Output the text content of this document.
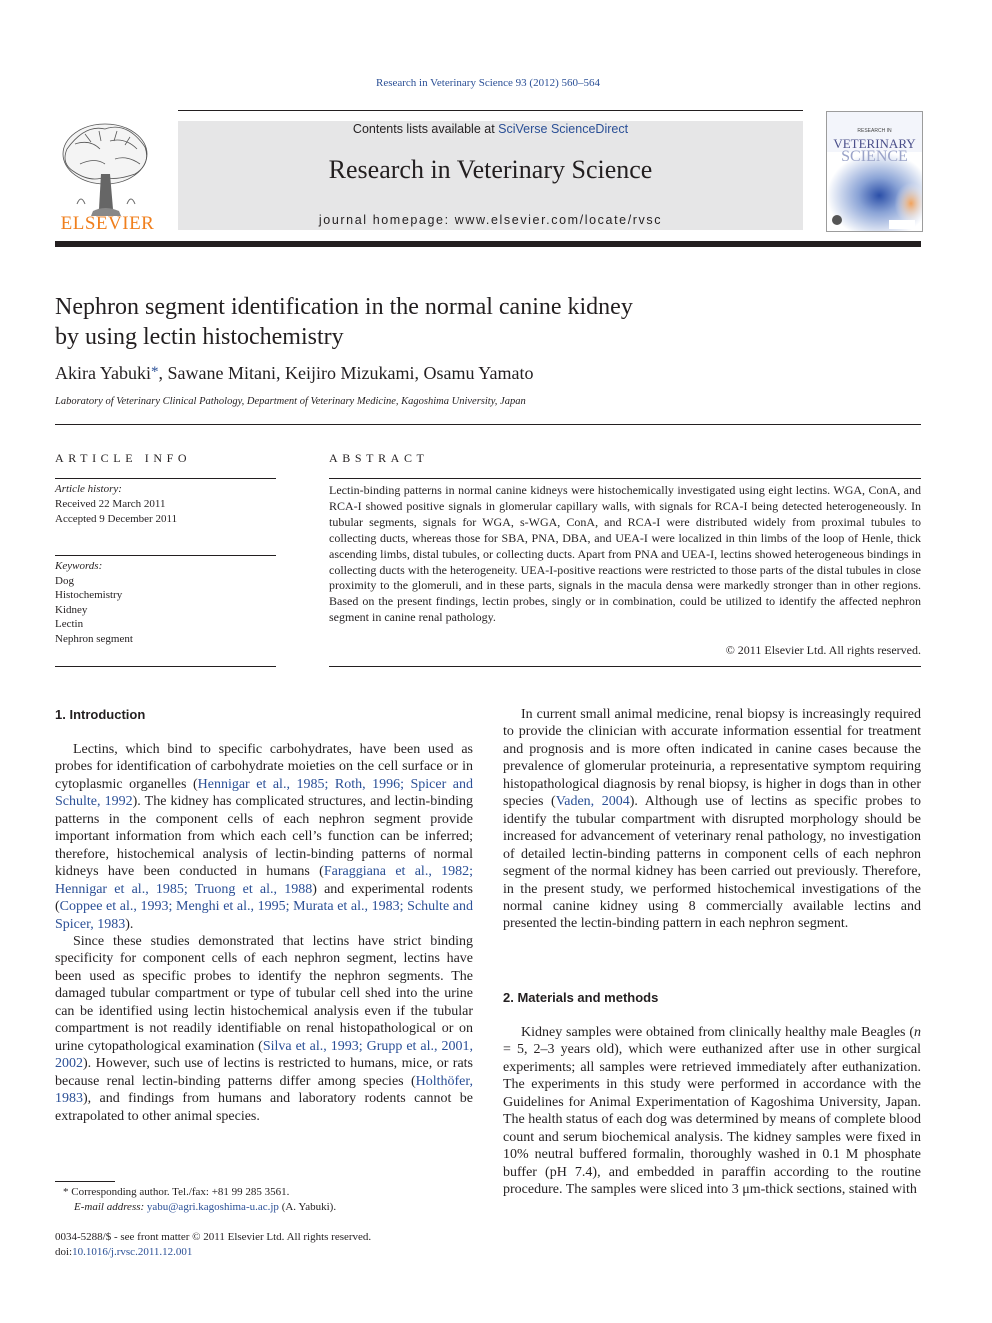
Research in Veterinary Science 93 (2012) 560–564
ELSEVIER
Contents lists available at SciVerse ScienceDirect
Research in Veterinary Science
journal homepage: www.elsevier.com/locate/rvsc
RESEARCH IN
VETERINARY
SCIENCE
Nephron segment identification in the normal canine kidney
by using lectin histochemistry
Akira Yabuki*, Sawane Mitani, Keijiro Mizukami, Osamu Yamato
Laboratory of Veterinary Clinical Pathology, Department of Veterinary Medicine, Kagoshima University, Japan
ARTICLE INFO
Article history:
Received 22 March 2011
Accepted 9 December 2011
Keywords:
Dog
Histochemistry
Kidney
Lectin
Nephron segment
ABSTRACT
Lectin-binding patterns in normal canine kidneys were histochemically investigated using eight lectins. WGA, ConA, and RCA-I showed positive signals in glomerular capillary walls, with signals for RCA-I being detected heterogeneously. In tubular segments, signals for WGA, s-WGA, ConA, and RCA-I were distributed widely from proximal tubules to collecting ducts, whereas those for SBA, PNA, DBA, and UEA-I were localized in thin limbs of the loop of Henle, thick ascending limbs, distal tubules, or collecting ducts. Apart from PNA and UEA-I, lectins showed heterogeneous bindings in collecting ducts with the heterogeneity. UEA-I-positive reactions were restricted to those parts of the distal tubules in close proximity to the glomeruli, and in these parts, signals in the macula densa were markedly stronger than in other regions. Based on the present findings, lectin probes, singly or in combination, could be utilized to identify the affected nephron segment in canine renal pathology.
© 2011 Elsevier Ltd. All rights reserved.
1. Introduction

Lectins, which bind to specific carbohydrates, have been used as probes for identification of carbohydrate moieties on the cell surface or in cytoplasmic organelles (Hennigar et al., 1985; Roth, 1996; Spicer and Schulte, 1992). The kidney has complicated structures, and lectin-binding patterns in the component cells of each nephron segment provide important information from which each cell’s function can be inferred; therefore, histochemical analysis of lectin-binding patterns of normal kidneys have been conducted in humans (Faraggiana et al., 1982; Hennigar et al., 1985; Truong et al., 1988) and experimental rodents (Coppee et al., 1993; Menghi et al., 1995; Murata et al., 1983; Schulte and Spicer, 1983).

Since these studies demonstrated that lectins have strict binding specificity for component cells of each nephron segment, lectins have been used as specific probes to identify the nephron segments. The damaged tubular compartment or type of tubular cell shed into the urine can be identified using lectin histochemical analysis even if the tubular compartment is not readily identifiable on renal histopathological or on urine cytopathological examination (Silva et al., 1993; Grupp et al., 2001, 2002). However, such use of lectins is restricted to humans, mice, or rats because renal lectin-binding patterns differ among species (Holthöfer, 1983), and findings from humans and laboratory rodents cannot be extrapolated to other animal species.

In current small animal medicine, renal biopsy is increasingly required to provide the clinician with accurate information essential for treatment and prognosis and is more often indicated in canine cases because the prevalence of glomerular proteinuria, a representative symptom requiring histopathological diagnosis by renal biopsy, is higher in dogs than in other species (Vaden, 2004). Although use of lectins as specific probes to identify the tubular compartment with disrupted morphology should be increased for advancement of veterinary renal pathology, no investigation of detailed lectin-binding patterns in component cells of each nephron segment of the normal kidney has been carried out previously. Therefore, in the present study, we performed histochemical investigations of the normal canine kidney using 8 commercially available lectins and presented the lectin-binding pattern in each nephron segment.

2. Materials and methods

Kidney samples were obtained from clinically healthy male Beagles (n = 5, 2–3 years old), which were euthanized after use in other surgical experiments; all samples were retrieved immediately after euthanization. The experiments in this study were performed in accordance with the Guidelines for Animal Experimentation of Kagoshima University, Japan. The health status of each dog was determined by means of complete blood count and serum biochemical analysis. The kidney samples were fixed in 10% neutral buffered formalin, thoroughly washed in 0.1 M phosphate buffer (pH 7.4), and embedded in paraffin according to the routine procedure. The samples were sliced into 3 μm-thick sections, stained with

* Corresponding author. Tel./fax: +81 99 285 3561.
E-mail address: yabu@agri.kagoshima-u.ac.jp (A. Yabuki).
0034-5288/$ - see front matter © 2011 Elsevier Ltd. All rights reserved.
doi:10.1016/j.rvsc.2011.12.001
